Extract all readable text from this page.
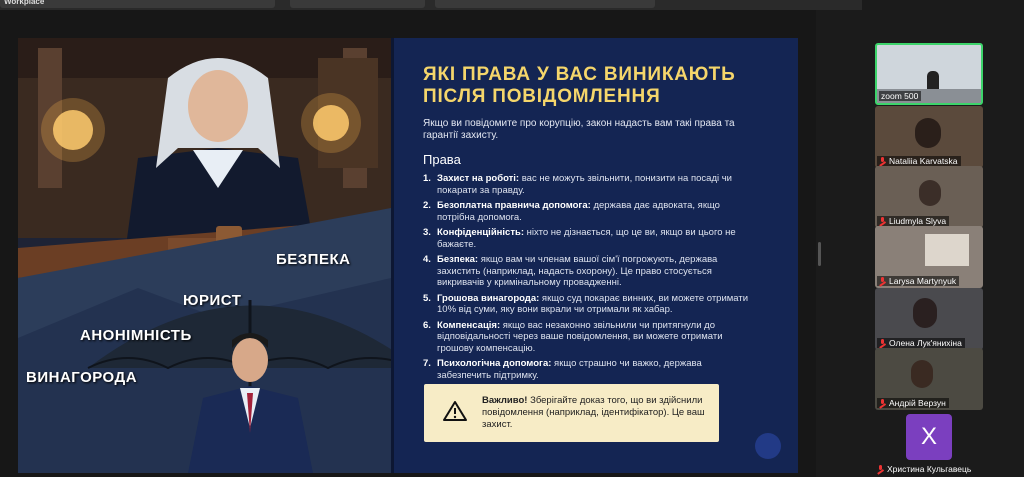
Workplace
БЕЗПЕКА
ЮРИСТ
АНОНІМНІСТЬ
ВИНАГОРОДА
ЯКІ ПРАВА У ВАС ВИНИКАЮТЬ ПІСЛЯ ПОВІДОМЛЕННЯ
Якщо ви повідомите про корупцію, закон надасть вам такі права та гарантії захисту.
Права
1. Захист на роботі: вас не можуть звільнити, понизити на посаді чи покарати за правду.
2. Безоплатна правнича допомога: держава дає адвоката, якщо потрібна допомога.
3. Конфіденційність: ніхто не дізнається, що це ви, якщо ви цього не бажаєте.
4. Безпека: якщо вам чи членам вашої сім'ї погрожують, держава захистить (наприклад, надасть охорону). Це право стосується викривачів у кримінальному провадженні.
5. Грошова винагорода: якщо суд покарає винних, ви можете отримати 10% від суми, яку вони вкрали чи отримали як хабар.
6. Компенсація: якщо вас незаконно звільнили чи притягнули до відповідальності через ваше повідомлення, ви можете отримати грошову компенсацію.
7. Психологічна допомога: якщо страшно чи важко, держава забезпечить підтримку.
Важливо! Зберігайте доказ того, що ви здійснили повідомлення (наприклад, ідентифікатор). Це ваш захист.
zoom 500
Nataliia Karvatska
Liudmyla Slyva
Larysa Martynyuk
Олена Лук'янихіна
Андрій Верзун
Х
Христина Кульгавець
